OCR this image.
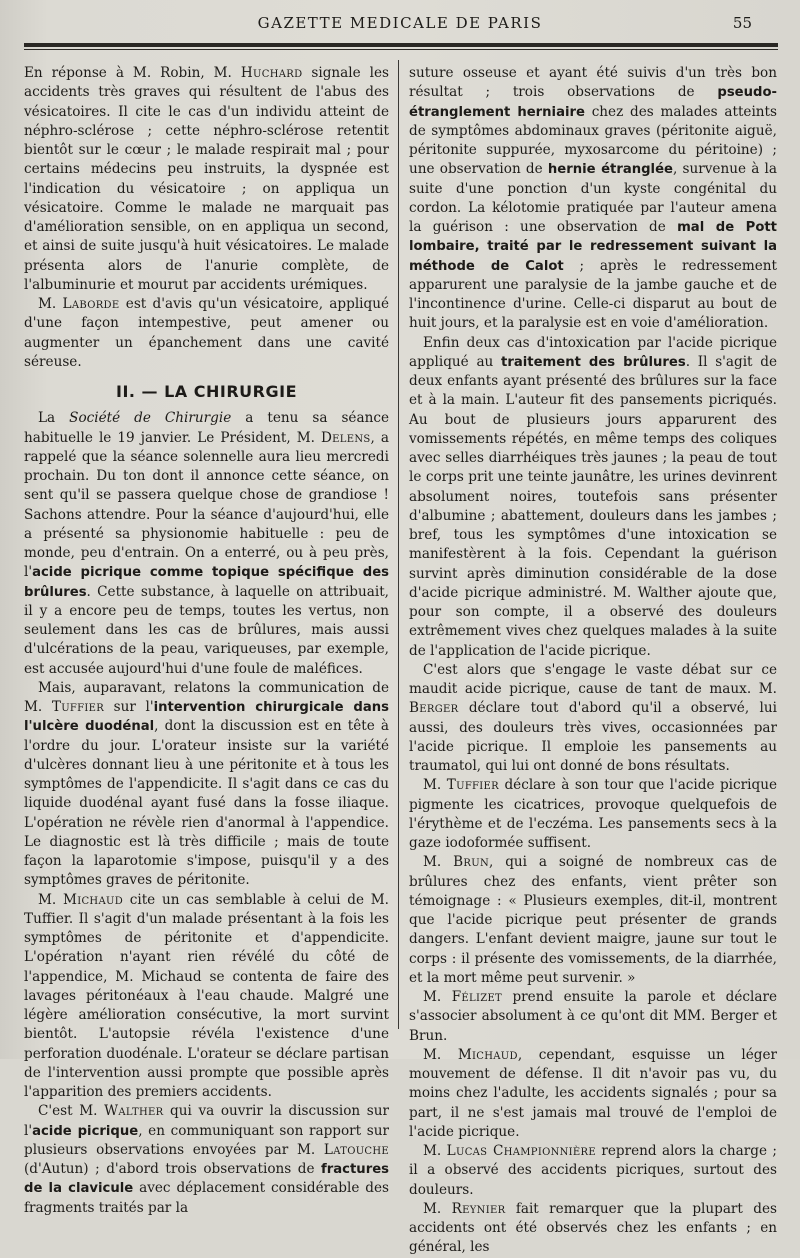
GAZETTE MEDICALE DE PARIS	55

En réponse à M. Robin, M. Huchard signale les accidents très graves qui résultent de l'abus des vésicatoires. Il cite le cas d'un individu atteint de néphro-sclérose ; cette néphro-sclérose retentit bientôt sur le cœur ; le malade respirait mal ; pour certains médecins peu instruits, la dyspnée est l'indication du vésicatoire ; on appliqua un vésicatoire. Comme le malade ne marquait pas d'amélioration sensible, on en appliqua un second, et ainsi de suite jusqu'à huit vésicatoires. Le malade présenta alors de l'anurie complète, de l'albuminurie et mourut par accidents urémiques.

M. Laborde est d'avis qu'un vésicatoire, appliqué d'une façon intempestive, peut amener ou augmenter un épanchement dans une cavité séreuse.

II. — LA CHIRURGIE

La Société de Chirurgie a tenu sa séance habituelle le 19 janvier. Le Président, M. Delens, a rappelé que la séance solennelle aura lieu mercredi prochain. Du ton dont il annonce cette séance, on sent qu'il se passera quelque chose de grandiose ! Sachons attendre. Pour la séance d'aujourd'hui, elle a présenté sa physionomie habituelle : peu de monde, peu d'entrain. On a enterré, ou à peu près, l'acide picrique comme topique spécifique des brûlures. Cette substance, à laquelle on attribuait, il y a encore peu de temps, toutes les vertus, non seulement dans les cas de brûlures, mais aussi d'ulcérations de la peau, variqueuses, par exemple, est accusée aujourd'hui d'une foule de maléfices.

Mais, auparavant, relatons la communication de M. Tuffier sur l'intervention chirurgicale dans l'ulcère duodénal, dont la discussion est en tête à l'ordre du jour. L'orateur insiste sur la variété d'ulcères donnant lieu à une péritonite et à tous les symptômes de l'appendicite. Il s'agit dans ce cas du liquide duodénal ayant fusé dans la fosse iliaque. L'opération ne révèle rien d'anormal à l'appendice. Le diagnostic est là très difficile ; mais de toute façon la laparotomie s'impose, puisqu'il y a des symptômes graves de péritonite.

M. Michaud cite un cas semblable à celui de M. Tuffier. Il s'agit d'un malade présentant à la fois les symptômes de péritonite et d'appendicite. L'opération n'ayant rien révélé du côté de l'appendice, M. Michaud se contenta de faire des lavages péritonéaux à l'eau chaude. Malgré une légère amélioration consécutive, la mort survint bientôt. L'autopsie révéla l'existence d'une perforation duodénale. L'orateur se déclare partisan de l'intervention aussi prompte que possible après l'apparition des premiers accidents.

C'est M. Walther qui va ouvrir la discussion sur l'acide picrique, en communiquant son rapport sur plusieurs observations envoyées par M. Latouche (d'Autun) ; d'abord trois observations de fractures de la clavicule avec déplacement considérable des fragments traités par la

suture osseuse et ayant été suivis d'un très bon résultat ; trois observations de pseudo-étranglement herniaire chez des malades atteints de symptômes abdominaux graves (péritonite aiguë, péritonite suppurée, myxosarcome du péritoine) ; une observation de hernie étranglée, survenue à la suite d'une ponction d'un kyste congénital du cordon. La kélotomie pratiquée par l'auteur amena la guérison : une observation de mal de Pott lombaire, traité par le redressement suivant la méthode de Calot ; après le redressement apparurent une paralysie de la jambe gauche et de l'incontinence d'urine. Celle-ci disparut au bout de huit jours, et la paralysie est en voie d'amélioration.

Enfin deux cas d'intoxication par l'acide picrique appliqué au traitement des brûlures. Il s'agit de deux enfants ayant présenté des brûlures sur la face et à la main. L'auteur fit des pansements picriqués. Au bout de plusieurs jours apparurent des vomissements répétés, en même temps des coliques avec selles diarrhéiques très jaunes ; la peau de tout le corps prit une teinte jaunâtre, les urines devinrent absolument noires, toutefois sans présenter d'albumine ; abattement, douleurs dans les jambes ; bref, tous les symptômes d'une intoxication se manifestèrent à la fois. Cependant la guérison survint après diminution considérable de la dose d'acide picrique administré. M. Walther ajoute que, pour son compte, il a observé des douleurs extrêmement vives chez quelques malades à la suite de l'application de l'acide picrique.

C'est alors que s'engage le vaste débat sur ce maudit acide picrique, cause de tant de maux. M. Berger déclare tout d'abord qu'il a observé, lui aussi, des douleurs très vives, occasionnées par l'acide picrique. Il emploie les pansements au traumatol, qui lui ont donné de bons résultats.

M. Tuffier déclare à son tour que l'acide picrique pigmente les cicatrices, provoque quelquefois de l'érythème et de l'eczéma. Les pansements secs à la gaze iodoformée suffisent.

M. Brun, qui a soigné de nombreux cas de brûlures chez des enfants, vient prêter son témoignage : « Plusieurs exemples, dit-il, montrent que l'acide picrique peut présenter de grands dangers. L'enfant devient maigre, jaune sur tout le corps : il présente des vomissements, de la diarrhée, et la mort même peut survenir. »

M. Félizet prend ensuite la parole et déclare s'associer absolument à ce qu'ont dit MM. Berger et Brun.

M. Michaud, cependant, esquisse un léger mouvement de défense. Il dit n'avoir pas vu, du moins chez l'adulte, les accidents signalés ; pour sa part, il ne s'est jamais mal trouvé de l'emploi de l'acide picrique.

M. Lucas Championnière reprend alors la charge ; il a observé des accidents picriques, surtout des douleurs.

M. Reynier fait remarquer que la plupart des accidents ont été observés chez les enfants ; en général, les
